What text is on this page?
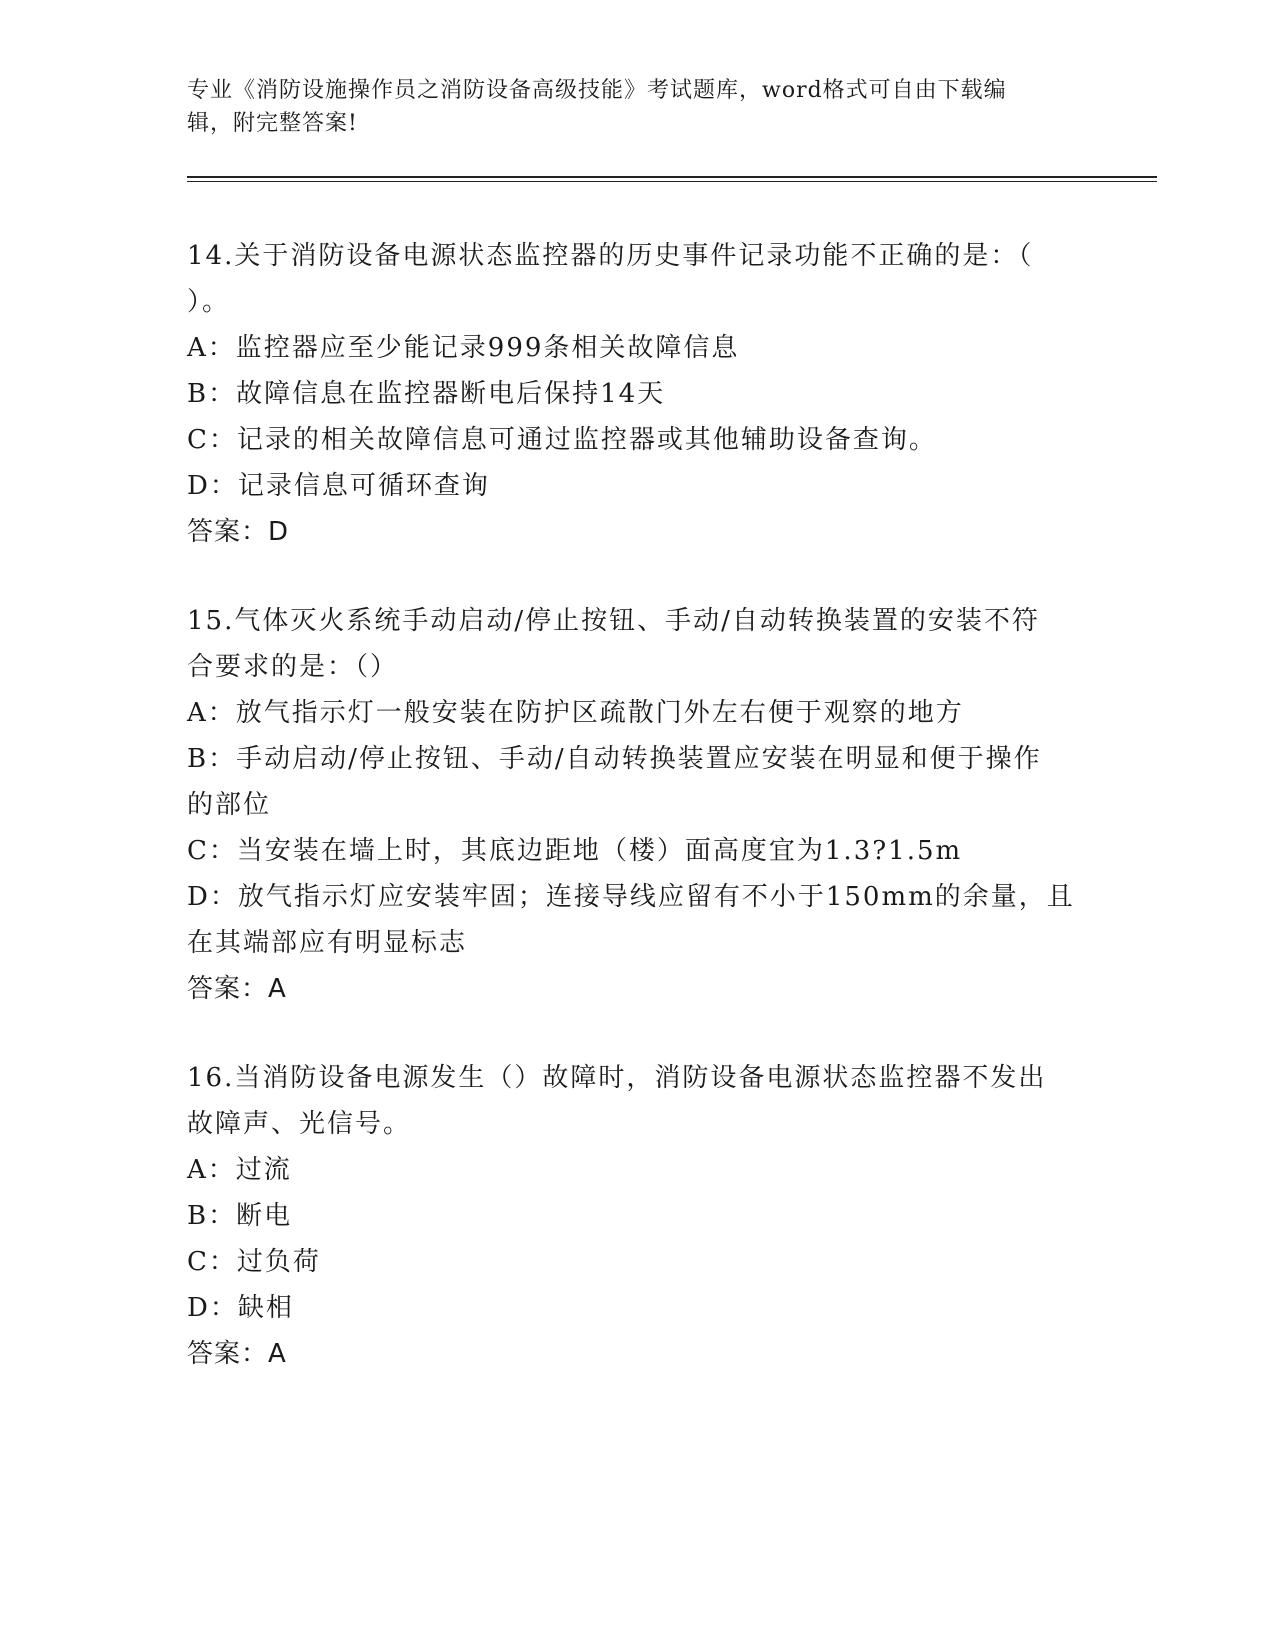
专业《消防设施操作员之消防设备高级技能》考试题库，word格式可自由下载编
辑，附完整答案!
14.关于消防设备电源状态监控器的历史事件记录功能不正确的是：（
）。
A：监控器应至少能记录999条相关故障信息
B：故障信息在监控器断电后保持14天
C：记录的相关故障信息可通过监控器或其他辅助设备查询。
D：记录信息可循环查询
答案：D
15.气体灭火系统手动启动/停止按钮、手动/自动转换装置的安装不符
合要求的是：（）
A：放气指示灯一般安装在防护区疏散门外左右便于观察的地方
B：手动启动/停止按钮、手动/自动转换装置应安装在明显和便于操作
的部位
C：当安装在墙上时，其底边距地（楼）面高度宜为1.3?1.5m
D：放气指示灯应安装牢固；连接导线应留有不小于150mm的余量，且
在其端部应有明显标志
答案：A
16.当消防设备电源发生（）故障时，消防设备电源状态监控器不发出
故障声、光信号。
A：过流
B：断电
C：过负荷
D：缺相
答案：A
